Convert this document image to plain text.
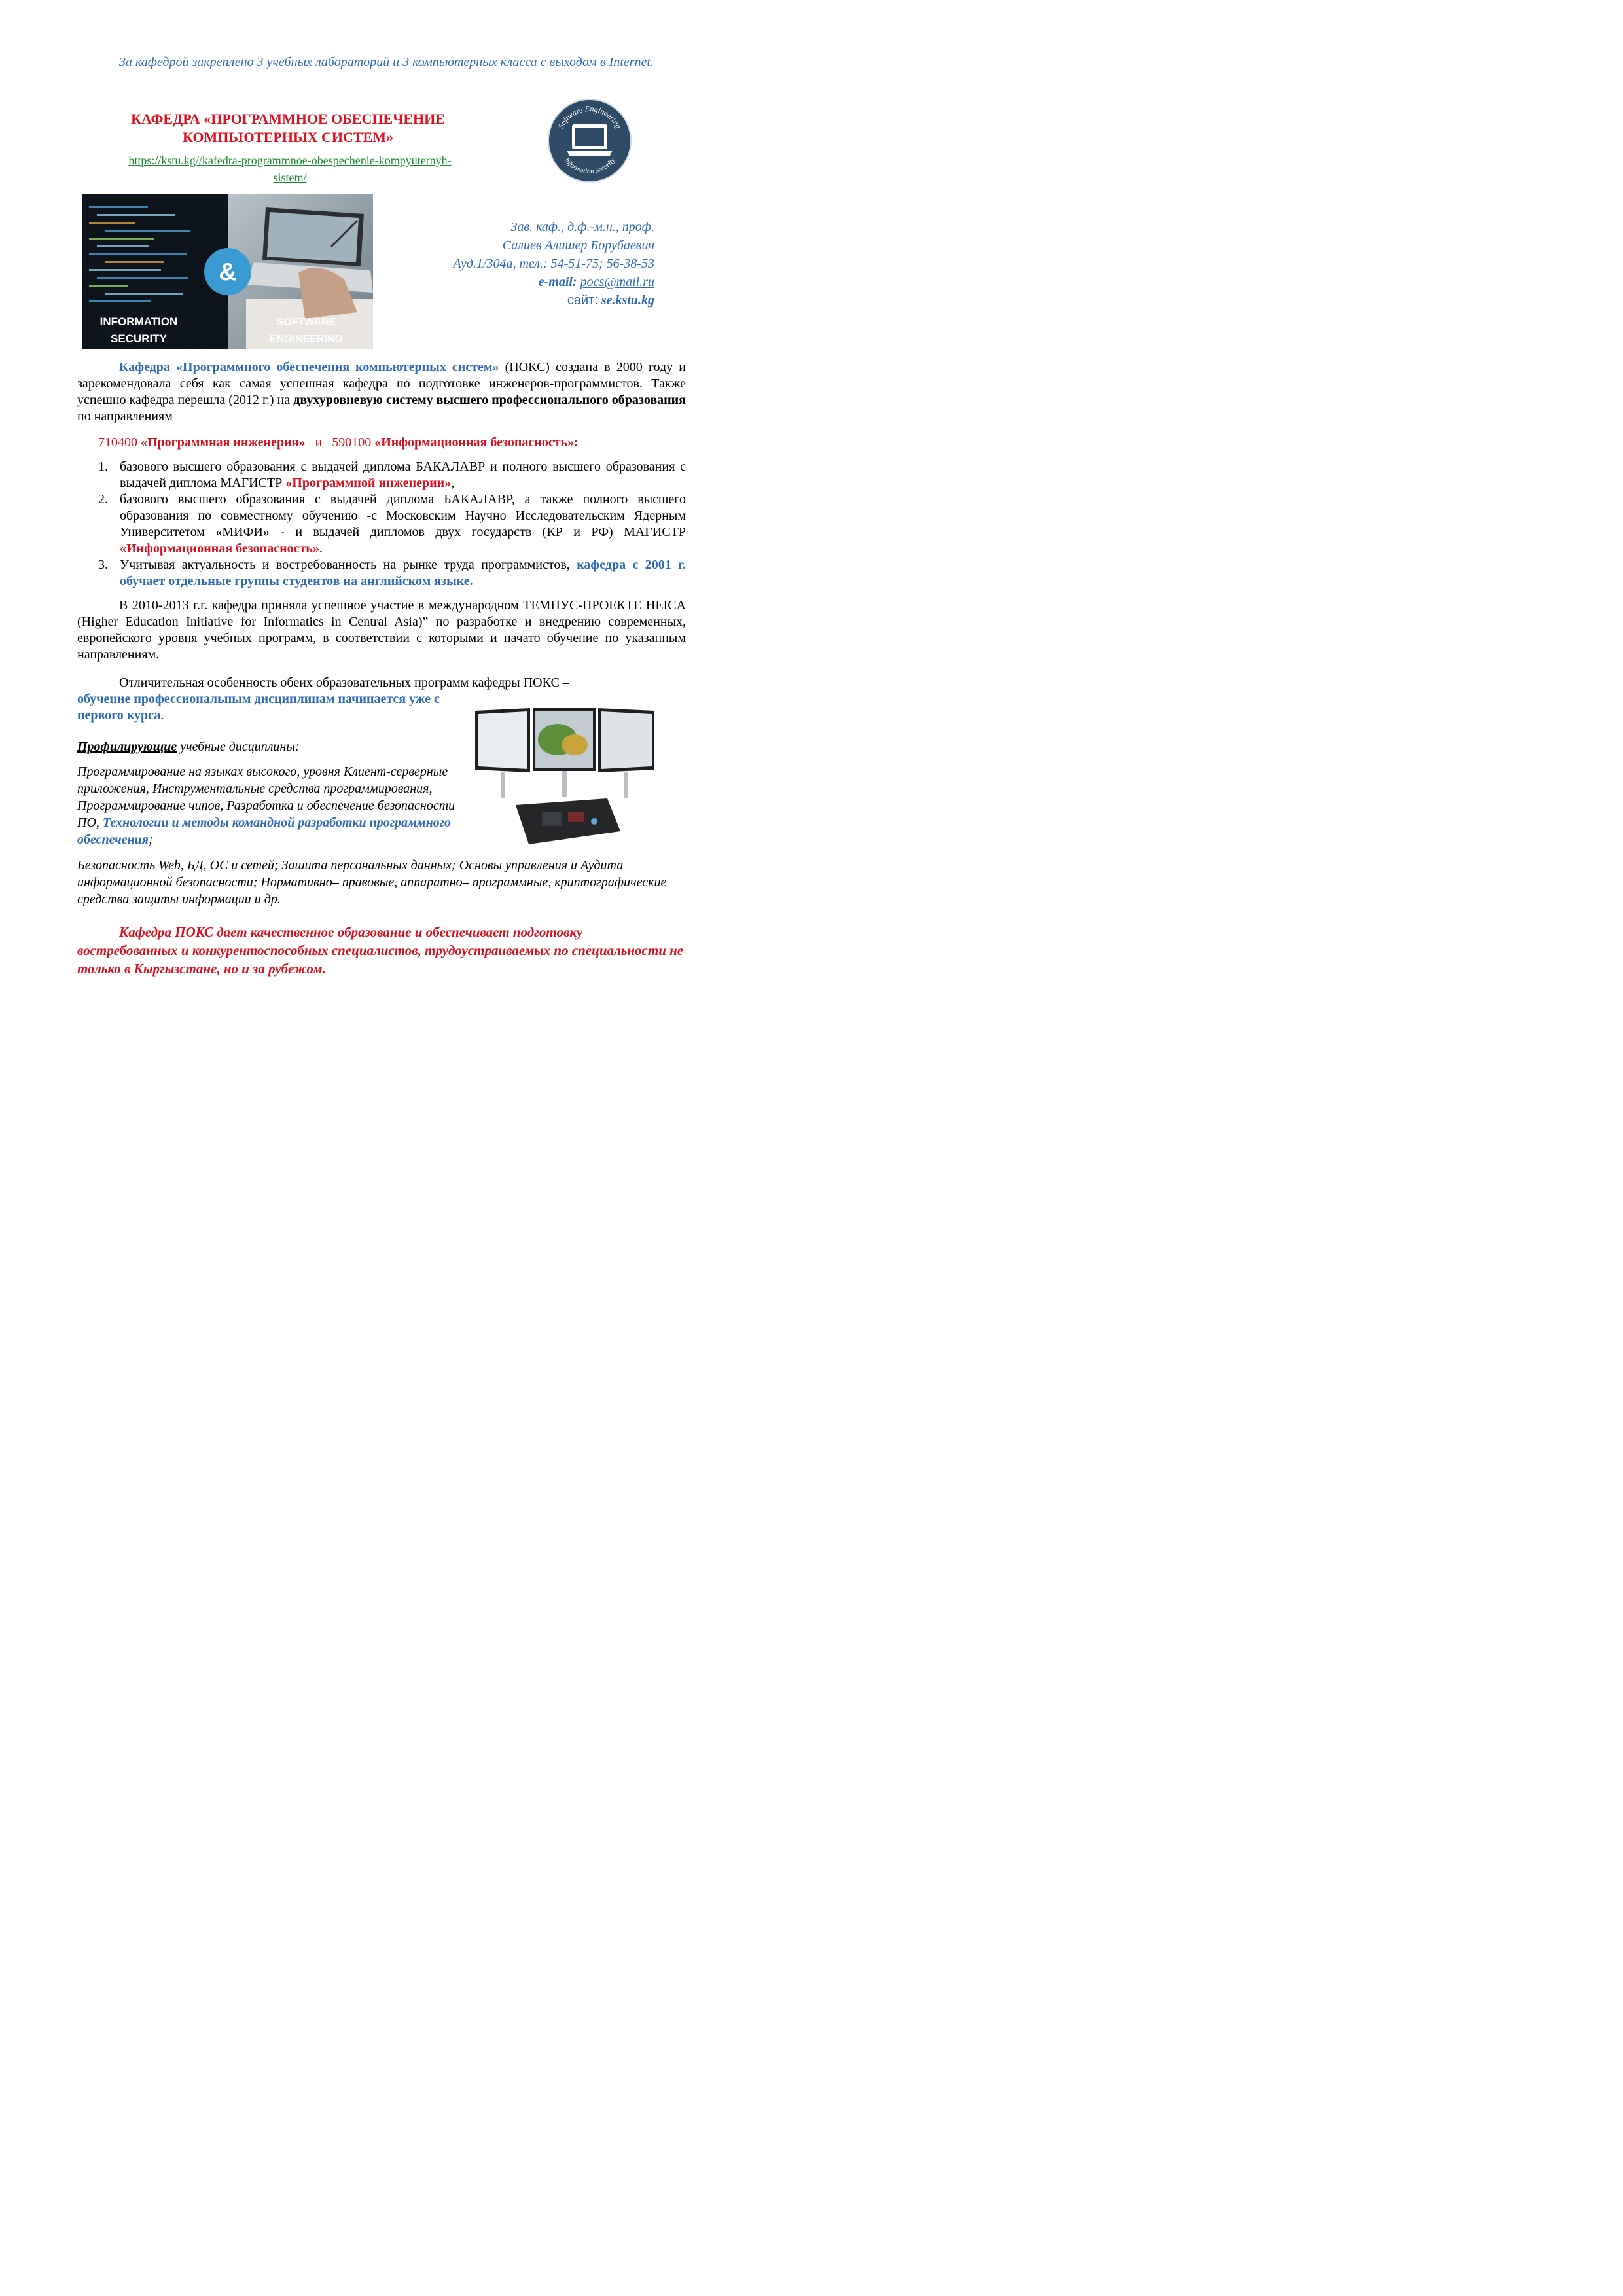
За кафедрой закреплено 3 учебных лабораторий и 3 компьютерных класса с выходом в Internet.
КАФЕДРА «ПРОГРАММНОЕ ОБЕСПЕЧЕНИЕ
КОМПЬЮТЕРНЫХ СИСТЕМ»
https://kstu.kg//kafedra-programmnoe-obespechenie-kompyuternyh-
sistem/
Software Engineering
Information Security
&
INFORMATION
SECURITY
SOFTWARE
ENGINEERING
Зав. каф., д.ф.-м.н., проф.
Салиев Алишер Борубаевич
Ауд.1/304а, тел.: 54-51-75; 56-38-53
e-mail: pocs@mail.ru
сайт: se.kstu.kg
Кафедра «Программного обеспечения компьютерных систем» (ПОКС) создана в 2000 году и зарекомендовала себя как самая успешная кафедра по подготовке инженеров-программистов. Также успешно кафедра перешла (2012 г.) на двухуровневую систему высшего профессионального образования по направлениям
710400 «Программная инженерия» и 590100 «Информационная безопасность»:
1. базового высшего образования с выдачей диплома БАКАЛАВР и полного высшего образования с выдачей диплома МАГИСТР «Программной инженерии»,
2. базового высшего образования с выдачей диплома БАКАЛАВР, а также полного высшего образования по совместному обучению -с Московским Научно Исследовательским Ядерным Университетом «МИФИ» - и выдачей дипломов двух государств (КР и РФ) МАГИСТР «Информационная безопасность».
3. Учитывая актуальность и востребованность на рынке труда программистов, кафедра с 2001 г. обучает отдельные группы студентов на английском языке.
В 2010-2013 г.г. кафедра приняла успешное участие в международном ТЕМПУС-ПРОЕКТЕ HEICA (Higher Education Initiative for Informatics in Central Asia)” по разработке и внедрению современных, европейского уровня учебных программ, в соответствии с которыми и начато обучение по указанным направлениям.
Отличительная особенность обеих образовательных программ кафедры ПОКС –
обучение профессиональным дисциплинам начинается уже с первого курса.
Профилирующие учебные дисциплины:
Программирование на языках высокого, уровня Клиент-серверные приложения, Инструментальные средства программирования, Программирование чипов, Разработка и обеспечение безопасности ПО, Технологии и методы командной разработки программного обеспечения;
Безопасность Web, БД, ОС и сетей; Зашита персональных данных; Основы управления и Аудита информационной безопасности; Нормативно– правовые, аппаратно– программные, криптографические средства защиты информации и др.
Кафедра ПОКС дает качественное образование и обеспечивает подготовку востребованных и конкурентоспособных специалистов, трудоустраиваемых по специальности не только в Кыргызстане, но и за рубежом.
